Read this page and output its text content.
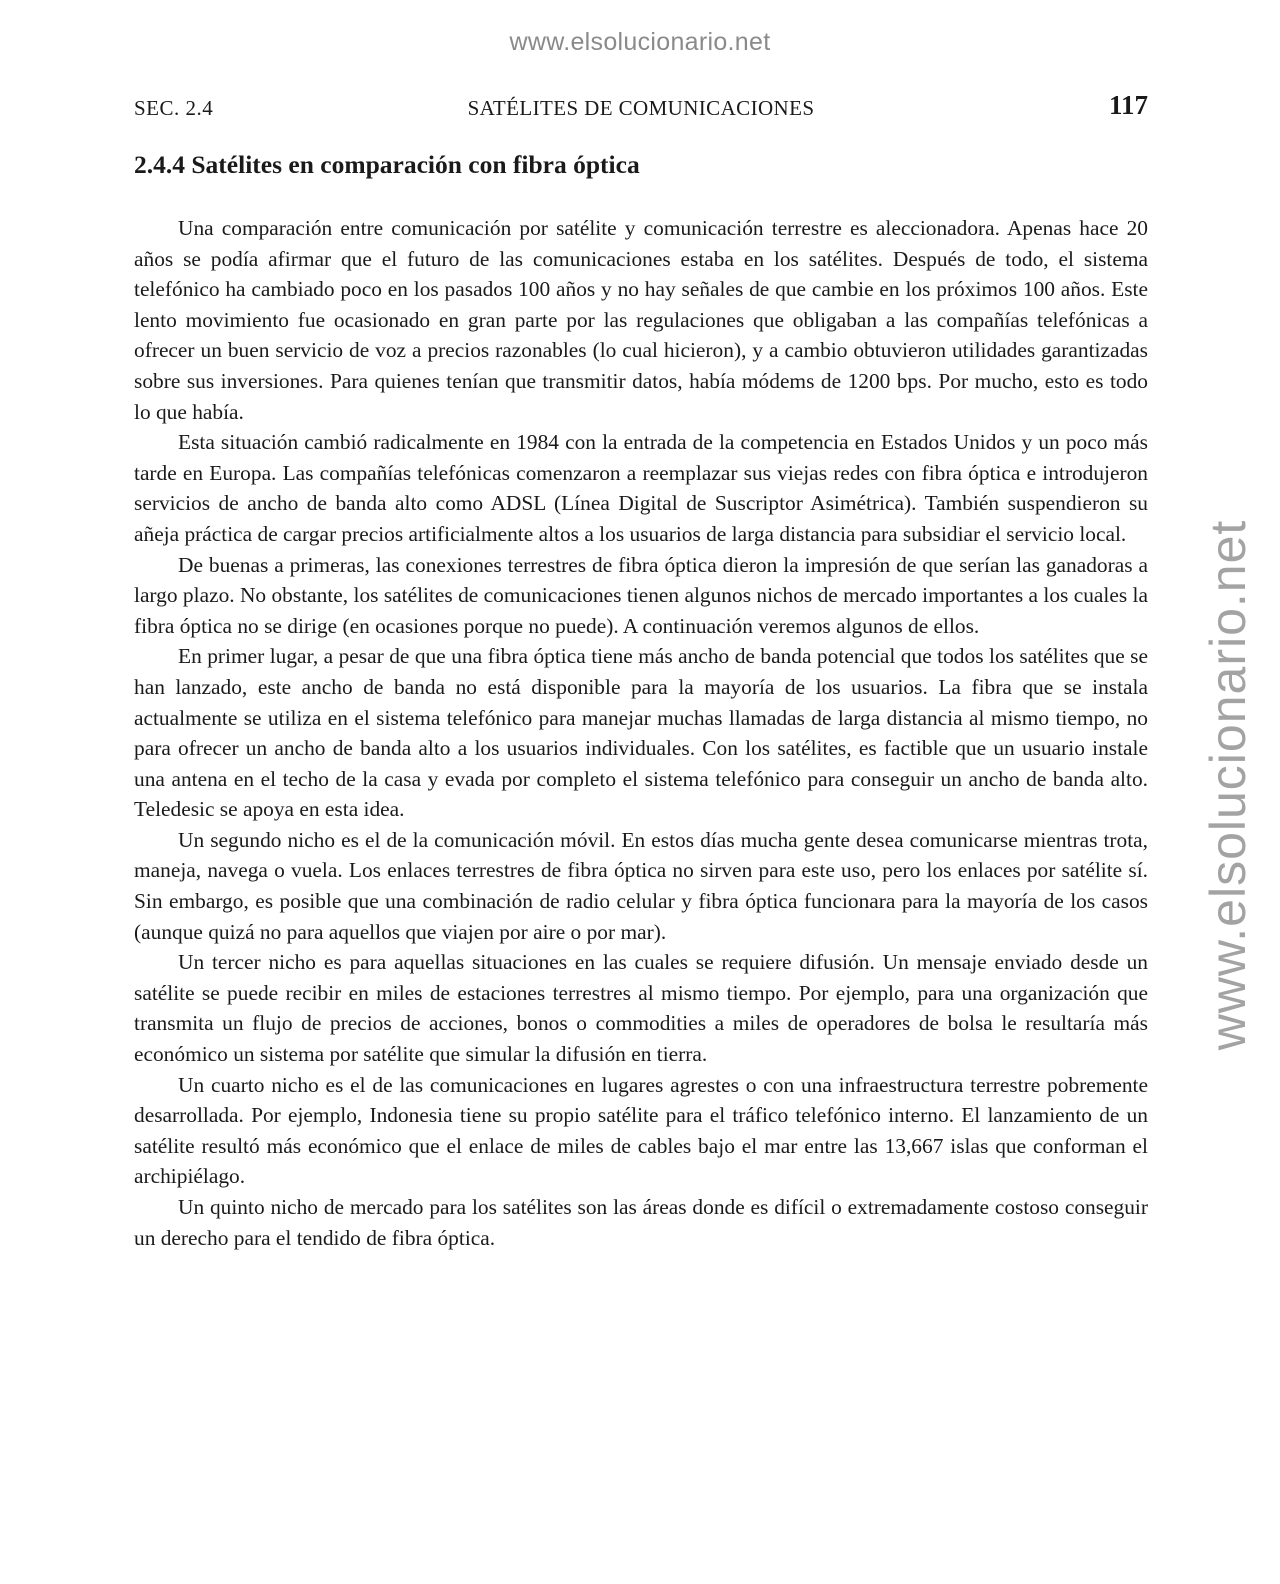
www.elsolucionario.net
www.elsolucionario.net
SEC. 2.4	SATÉLITES DE COMUNICACIONES	117
2.4.4 Satélites en comparación con fibra óptica

Una comparación entre comunicación por satélite y comunicación terrestre es aleccionadora. Apenas hace 20 años se podía afirmar que el futuro de las comunicaciones estaba en los satélites. Después de todo, el sistema telefónico ha cambiado poco en los pasados 100 años y no hay señales de que cambie en los próximos 100 años. Este lento movimiento fue ocasionado en gran parte por las regulaciones que obligaban a las compañías telefónicas a ofrecer un buen servicio de voz a precios razonables (lo cual hicieron), y a cambio obtuvieron utilidades garantizadas sobre sus inversiones. Para quienes tenían que transmitir datos, había módems de 1200 bps. Por mucho, esto es todo lo que había.

Esta situación cambió radicalmente en 1984 con la entrada de la competencia en Estados Unidos y un poco más tarde en Europa. Las compañías telefónicas comenzaron a reemplazar sus viejas redes con fibra óptica e introdujeron servicios de ancho de banda alto como ADSL (Línea Digital de Suscriptor Asimétrica). También suspendieron su añeja práctica de cargar precios artificialmente altos a los usuarios de larga distancia para subsidiar el servicio local.

De buenas a primeras, las conexiones terrestres de fibra óptica dieron la impresión de que serían las ganadoras a largo plazo. No obstante, los satélites de comunicaciones tienen algunos nichos de mercado importantes a los cuales la fibra óptica no se dirige (en ocasiones porque no puede). A continuación veremos algunos de ellos.

En primer lugar, a pesar de que una fibra óptica tiene más ancho de banda potencial que todos los satélites que se han lanzado, este ancho de banda no está disponible para la mayoría de los usuarios. La fibra que se instala actualmente se utiliza en el sistema telefónico para manejar muchas llamadas de larga distancia al mismo tiempo, no para ofrecer un ancho de banda alto a los usuarios individuales. Con los satélites, es factible que un usuario instale una antena en el techo de la casa y evada por completo el sistema telefónico para conseguir un ancho de banda alto. Teledesic se apoya en esta idea.

Un segundo nicho es el de la comunicación móvil. En estos días mucha gente desea comunicarse mientras trota, maneja, navega o vuela. Los enlaces terrestres de fibra óptica no sirven para este uso, pero los enlaces por satélite sí. Sin embargo, es posible que una combinación de radio celular y fibra óptica funcionara para la mayoría de los casos (aunque quizá no para aquellos que viajen por aire o por mar).

Un tercer nicho es para aquellas situaciones en las cuales se requiere difusión. Un mensaje enviado desde un satélite se puede recibir en miles de estaciones terrestres al mismo tiempo. Por ejemplo, para una organización que transmita un flujo de precios de acciones, bonos o commodities a miles de operadores de bolsa le resultaría más económico un sistema por satélite que simular la difusión en tierra.

Un cuarto nicho es el de las comunicaciones en lugares agrestes o con una infraestructura terrestre pobremente desarrollada. Por ejemplo, Indonesia tiene su propio satélite para el tráfico telefónico interno. El lanzamiento de un satélite resultó más económico que el enlace de miles de cables bajo el mar entre las 13,667 islas que conforman el archipiélago.

Un quinto nicho de mercado para los satélites son las áreas donde es difícil o extremadamente costoso conseguir un derecho para el tendido de fibra óptica.
